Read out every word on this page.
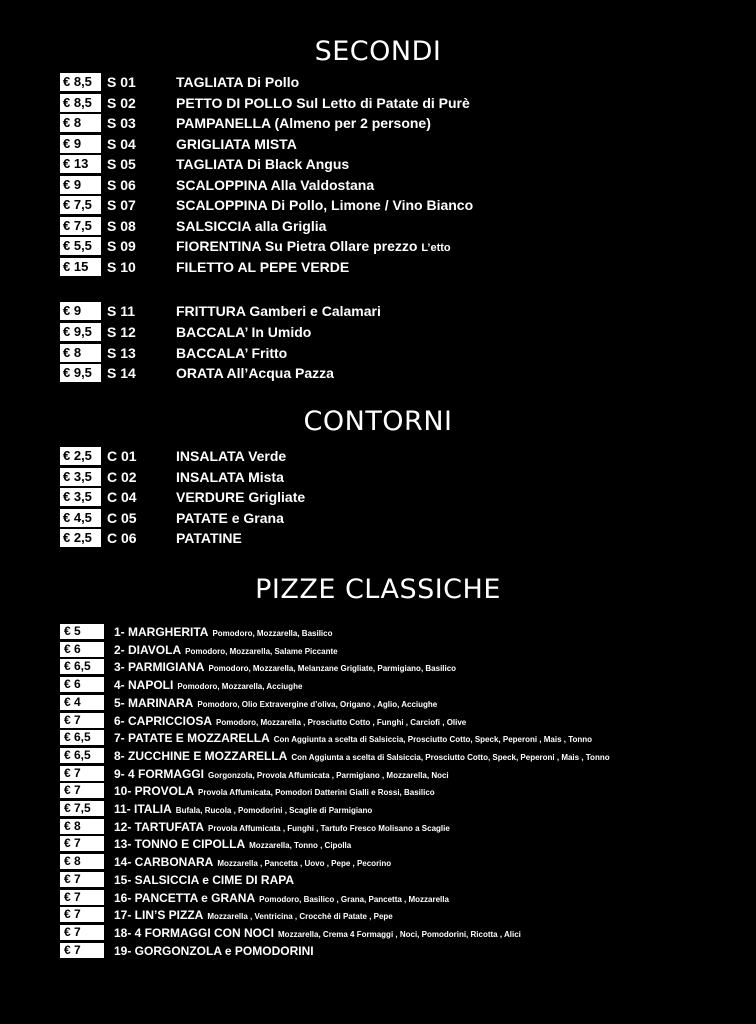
SECONDI
€ 8,5	S 01	TAGLIATA Di Pollo
€ 8,5	S 02	PETTO DI POLLO Sul Letto di Patate di Purè
€ 8	S 03	PAMPANELLA (Almeno per 2 persone)
€ 9	S 04	GRIGLIATA MISTA
€ 13	S 05	TAGLIATA Di Black Angus
€ 9	S 06	SCALOPPINA Alla Valdostana
€ 7,5	S 07	SCALOPPINA Di Pollo, Limone / Vino Bianco
€ 7,5	S 08	SALSICCIA alla Griglia
€ 5,5	S 09	FIORENTINA Su Pietra Ollare prezzo L’etto
€ 15	S 10	FILETTO AL PEPE VERDE
€ 9	S 11	FRITTURA Gamberi e Calamari
€ 9,5	S 12	BACCALA’ In Umido
€ 8	S 13	BACCALA’ Fritto
€ 9,5	S 14	ORATA All’Acqua Pazza
CONTORNI
€ 2,5	C 01	INSALATA Verde
€ 3,5	C 02	INSALATA Mista
€ 3,5	C 04	VERDURE Grigliate
€ 4,5	C 05	PATATE e Grana
€ 2,5	C 06	PATATINE
PIZZE CLASSICHE
€ 5	1- MARGHERITA Pomodoro, Mozzarella, Basilico
€ 6	2- DIAVOLA Pomodoro, Mozzarella, Salame Piccante
€ 6,5	3- PARMIGIANA Pomodoro, Mozzarella, Melanzane Grigliate, Parmigiano, Basilico
€ 6	4- NAPOLI Pomodoro, Mozzarella, Acciughe
€ 4	5- MARINARA Pomodoro, Olio Extravergine d’oliva, Origano , Aglio, Acciughe
€ 7	6- CAPRICCIOSA Pomodoro, Mozzarella , Prosciutto Cotto , Funghi , Carciofi , Olive
€ 6,5	7- PATATE E MOZZARELLA Con Aggiunta a scelta di Salsiccia, Prosciutto Cotto, Speck, Peperoni , Mais , Tonno
€ 6,5	8- ZUCCHINE E MOZZARELLA Con Aggiunta a scelta di Salsiccia, Prosciutto Cotto, Speck, Peperoni , Mais , Tonno
€ 7	9- 4 FORMAGGI Gorgonzola, Provola Affumicata , Parmigiano , Mozzarella, Noci
€ 7	10- PROVOLA Provola Affumicata, Pomodori Datterini Gialli e Rossi, Basilico
€ 7,5	11- ITALIA Bufala, Rucola , Pomodorini , Scaglie di Parmigiano
€ 8	12- TARTUFATA Provola Affumicata , Funghi , Tartufo Fresco Molisano a Scaglie
€ 7	13- TONNO E CIPOLLA Mozzarella, Tonno , Cipolla
€ 8	14- CARBONARA Mozzarella , Pancetta , Uovo , Pepe , Pecorino
€ 7	15- SALSICCIA e CIME DI RAPA
€ 7	16- PANCETTA e GRANA Pomodoro, Basilico , Grana, Pancetta , Mozzarella
€ 7	17- LIN’S PIZZA Mozzarella , Ventricina , Crocchè di Patate , Pepe
€ 7	18- 4 FORMAGGI CON NOCI Mozzarella, Crema 4 Formaggi , Noci, Pomodorini, Ricotta , Alici
€ 7	19- GORGONZOLA e POMODORINI
